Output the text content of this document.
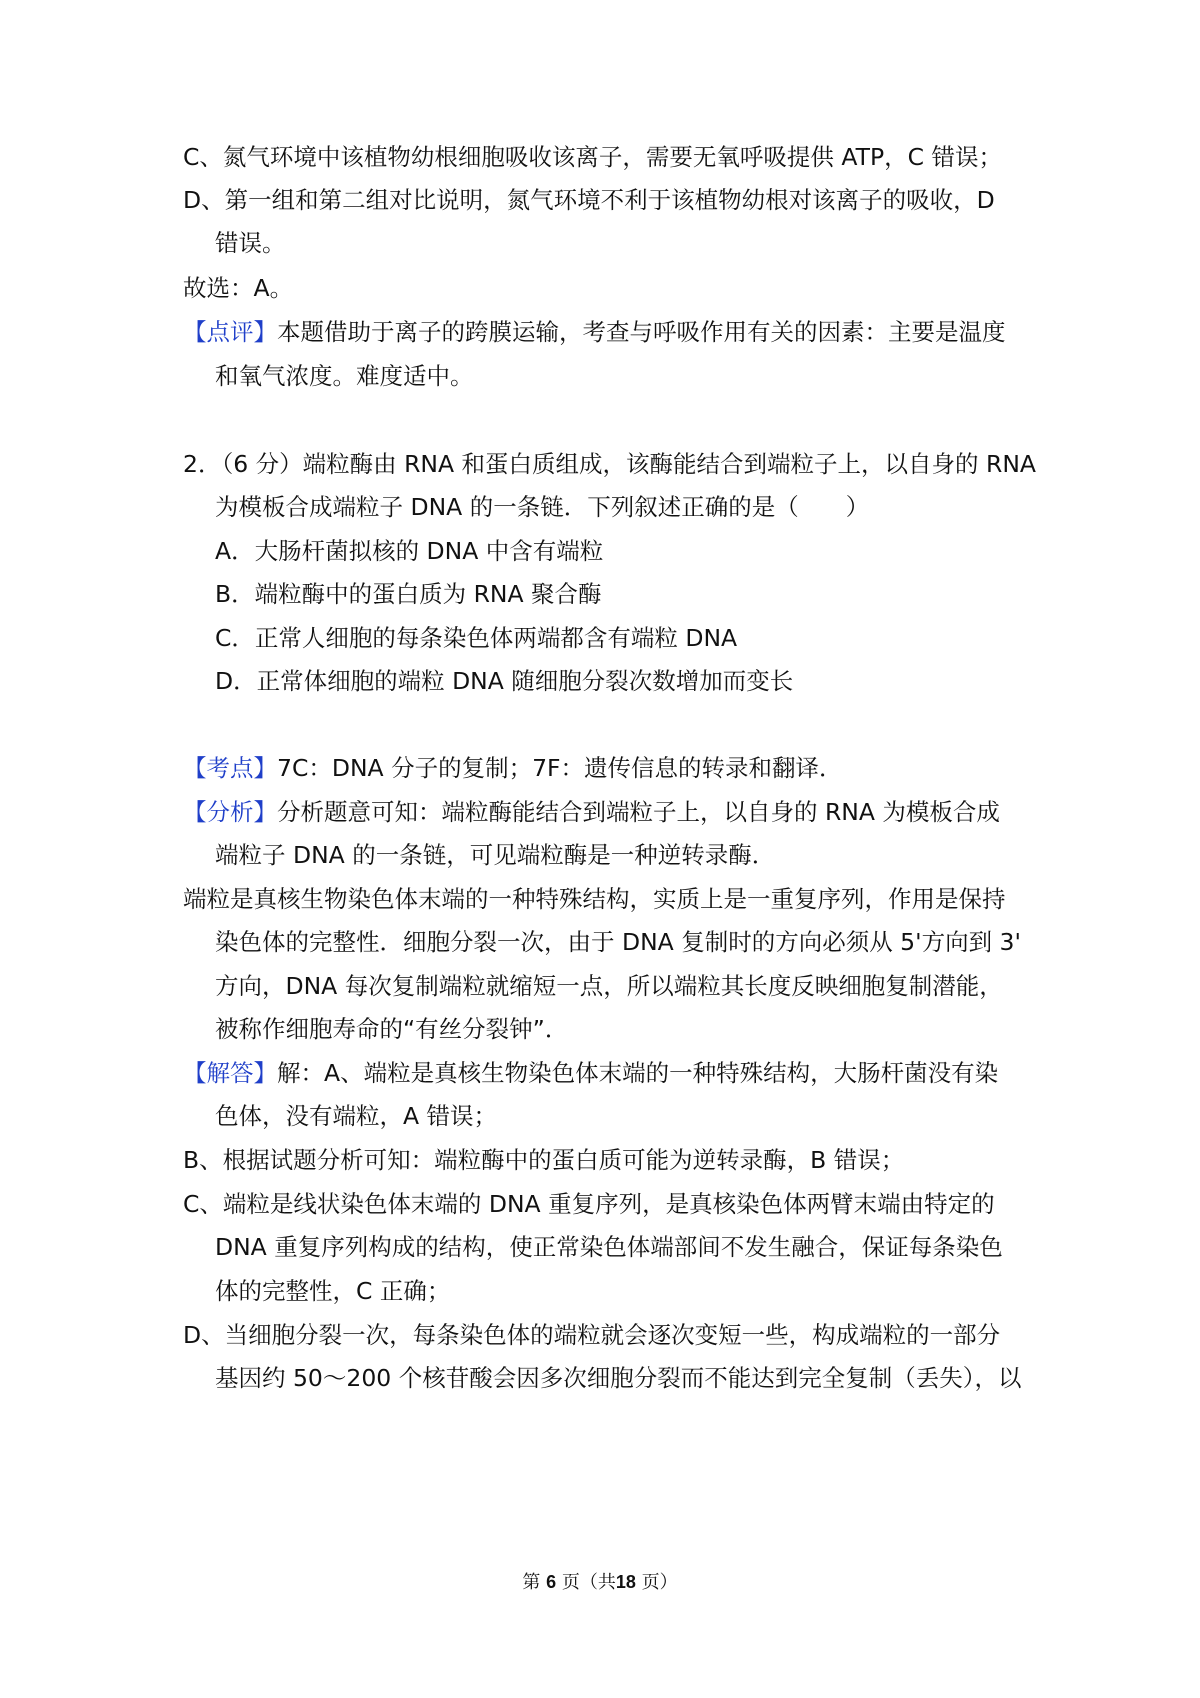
C、氮气环境中该植物幼根细胞吸收该离子，需要无氧呼吸提供 ATP，C 错误；
D、第一组和第二组对比说明，氮气环境不利于该植物幼根对该离子的吸收，D
错误。
故选：A。
【点评】本题借助于离子的跨膜运输，考查与呼吸作用有关的因素：主要是温度
和氧气浓度。难度适中。
2．（6 分）端粒酶由 RNA 和蛋白质组成，该酶能结合到端粒子上，以自身的 RNA
为模板合成端粒子 DNA 的一条链．下列叙述正确的是（　　）
A．大肠杆菌拟核的 DNA 中含有端粒
B．端粒酶中的蛋白质为 RNA 聚合酶
C．正常人细胞的每条染色体两端都含有端粒 DNA
D．正常体细胞的端粒 DNA 随细胞分裂次数增加而变长
【考点】7C：DNA 分子的复制；7F：遗传信息的转录和翻译．
【分析】分析题意可知：端粒酶能结合到端粒子上，以自身的 RNA 为模板合成
端粒子 DNA 的一条链，可见端粒酶是一种逆转录酶．
端粒是真核生物染色体末端的一种特殊结构，实质上是一重复序列，作用是保持
染色体的完整性．细胞分裂一次，由于 DNA 复制时的方向必须从 5'方向到 3'
方向，DNA 每次复制端粒就缩短一点，所以端粒其长度反映细胞复制潜能，
被称作细胞寿命的“有丝分裂钟”．
【解答】解：A、端粒是真核生物染色体末端的一种特殊结构，大肠杆菌没有染
色体，没有端粒，A 错误；
B、根据试题分析可知：端粒酶中的蛋白质可能为逆转录酶，B 错误；
C、端粒是线状染色体末端的 DNA 重复序列，是真核染色体两臂末端由特定的
DNA 重复序列构成的结构，使正常染色体端部间不发生融合，保证每条染色
体的完整性，C 正确；
D、当细胞分裂一次，每条染色体的端粒就会逐次变短一些，构成端粒的一部分
基因约 50～200 个核苷酸会因多次细胞分裂而不能达到完全复制（丢失），以
第 6 页（共18 页）
